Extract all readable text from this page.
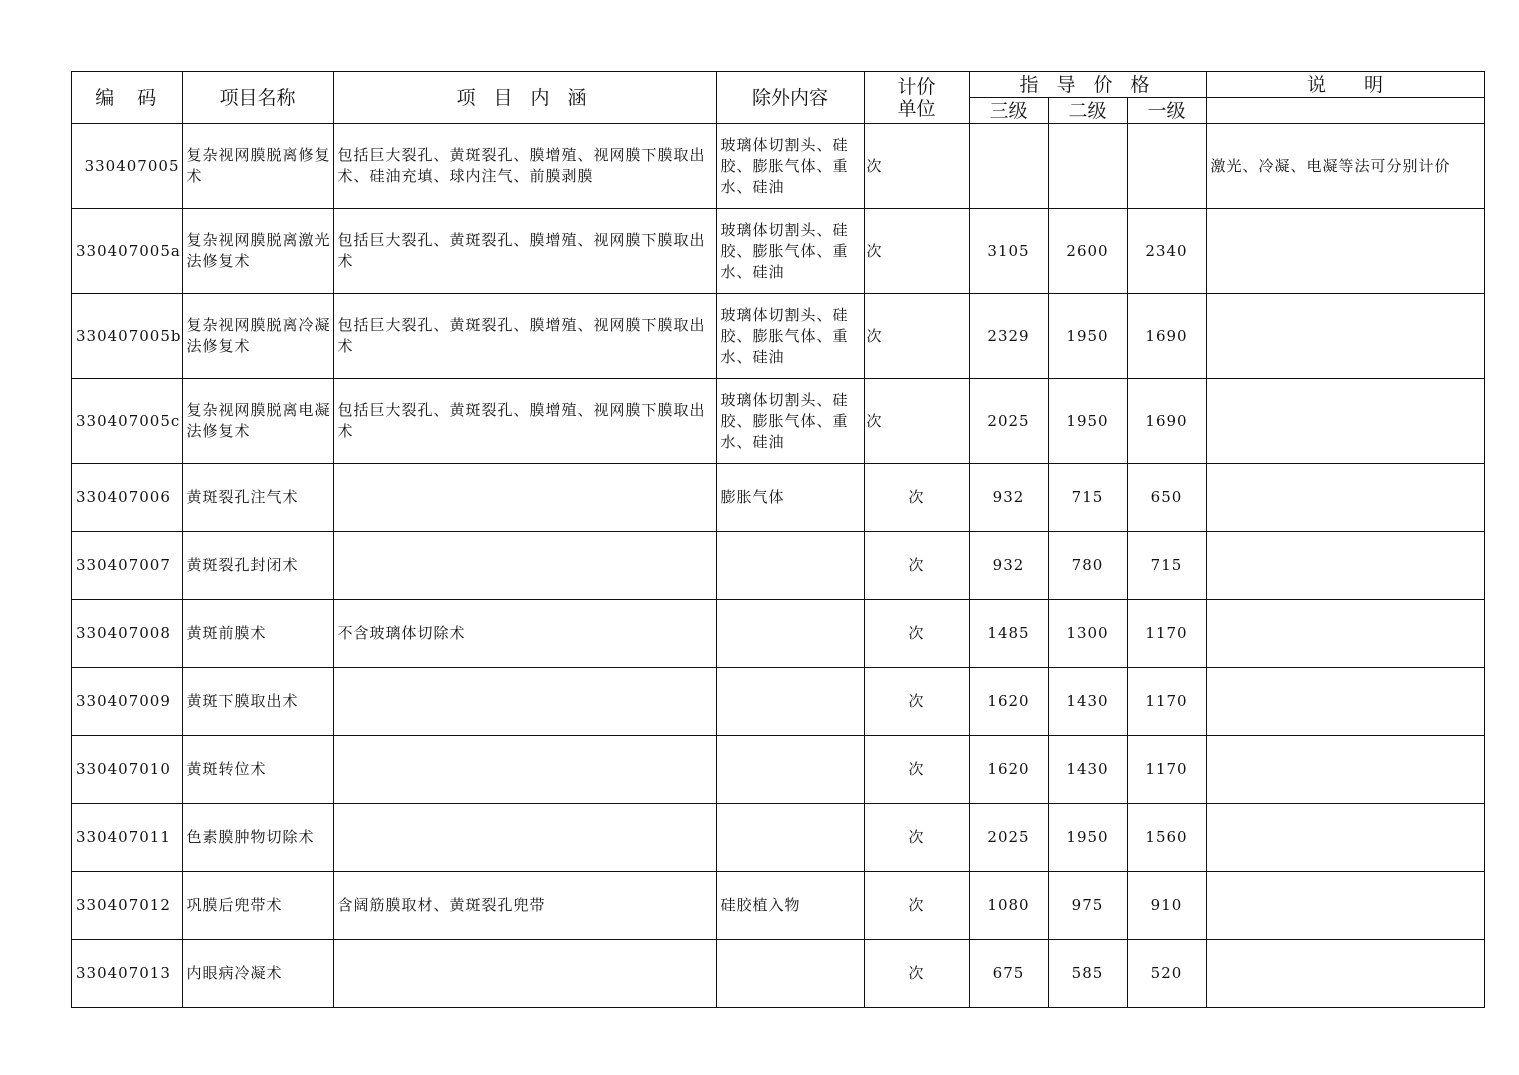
编　码	项目名称	项 目 内 涵	除外内容	计价
单位	指 导 价 格			说　　明
					三级	二级	一级	
330407005	复杂视网膜脱离修复术	包括巨大裂孔、黄斑裂孔、膜增殖、视网膜下膜取出术、硅油充填、球内注气、前膜剥膜	玻璃体切割头、硅胶、膨胀气体、重水、硅油	次				激光、冷凝、电凝等法可分别计价
330407005a	复杂视网膜脱离激光法修复术	包括巨大裂孔、黄斑裂孔、膜增殖、视网膜下膜取出术	玻璃体切割头、硅胶、膨胀气体、重水、硅油	次	3105	2600	2340	
330407005b	复杂视网膜脱离冷凝法修复术	包括巨大裂孔、黄斑裂孔、膜增殖、视网膜下膜取出术	玻璃体切割头、硅胶、膨胀气体、重水、硅油	次	2329	1950	1690	
330407005c	复杂视网膜脱离电凝法修复术	包括巨大裂孔、黄斑裂孔、膜增殖、视网膜下膜取出术	玻璃体切割头、硅胶、膨胀气体、重水、硅油	次	2025	1950	1690	
330407006	黄斑裂孔注气术		膨胀气体	次	932	715	650	
330407007	黄斑裂孔封闭术			次	932	780	715	
330407008	黄斑前膜术	不含玻璃体切除术		次	1485	1300	1170	
330407009	黄斑下膜取出术			次	1620	1430	1170	
330407010	黄斑转位术			次	1620	1430	1170	
330407011	色素膜肿物切除术			次	2025	1950	1560	
330407012	巩膜后兜带术	含阔筋膜取材、黄斑裂孔兜带	硅胶植入物	次	1080	975	910	
330407013	内眼病冷凝术			次	675	585	520	
